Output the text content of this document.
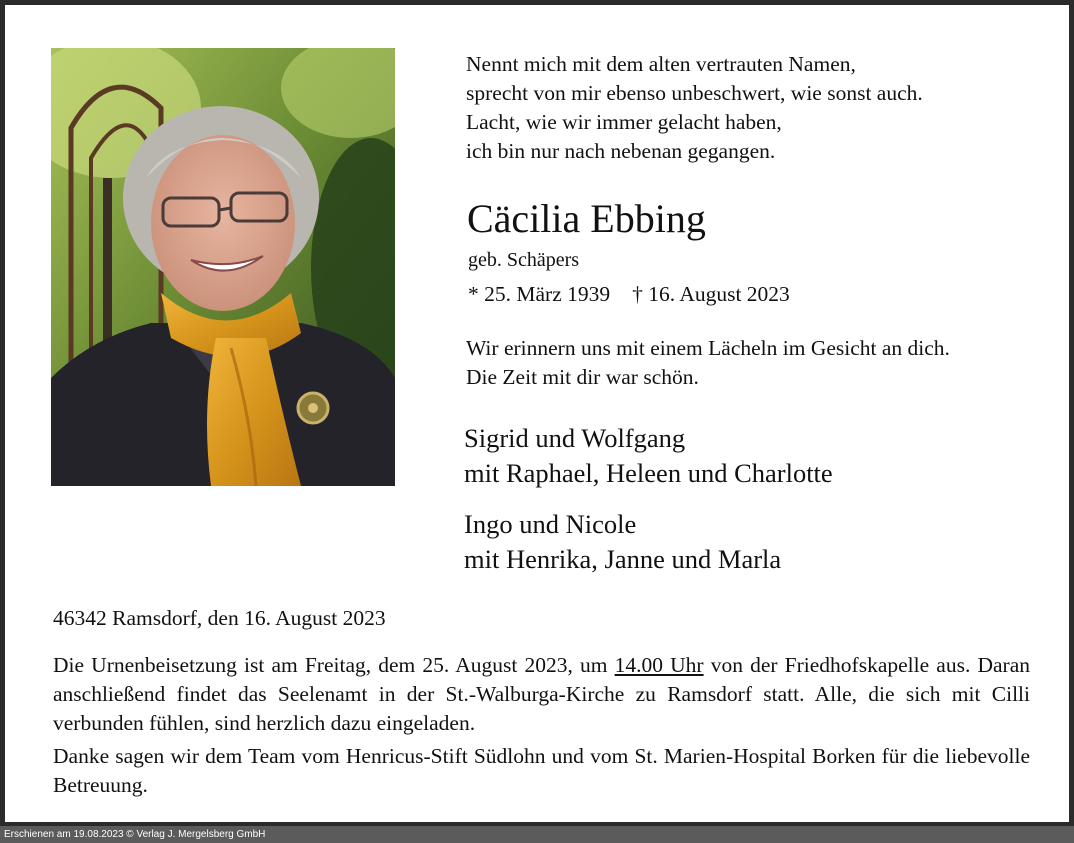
Nennt mich mit dem alten vertrauten Namen,
sprecht von mir ebenso unbeschwert, wie sonst auch.
Lacht, wie wir immer gelacht haben,
ich bin nur nach nebenan gegangen.
Cäcilia Ebbing
geb. Schäpers
* 25. März 1939 † 16. August 2023
Wir erinnern uns mit einem Lächeln im Gesicht an dich.
Die Zeit mit dir war schön.
Sigrid und Wolfgang
mit Raphael, Heleen und Charlotte
Ingo und Nicole
mit Henrika, Janne und Marla
46342 Ramsdorf, den 16. August 2023
Die Urnenbeisetzung ist am Freitag, dem 25. August 2023, um 14.00 Uhr von der Friedhofskapelle aus. Daran anschließend findet das Seelenamt in der St.-Walburga-Kirche zu Ramsdorf statt. Alle, die sich mit Cilli verbunden fühlen, sind herzlich dazu eingeladen.
Danke sagen wir dem Team vom Henricus-Stift Südlohn und vom St. Marien-Hospital Borken für die liebevolle Betreuung.
Erschienen am 19.08.2023 © Verlag J. Mergelsberg GmbH
